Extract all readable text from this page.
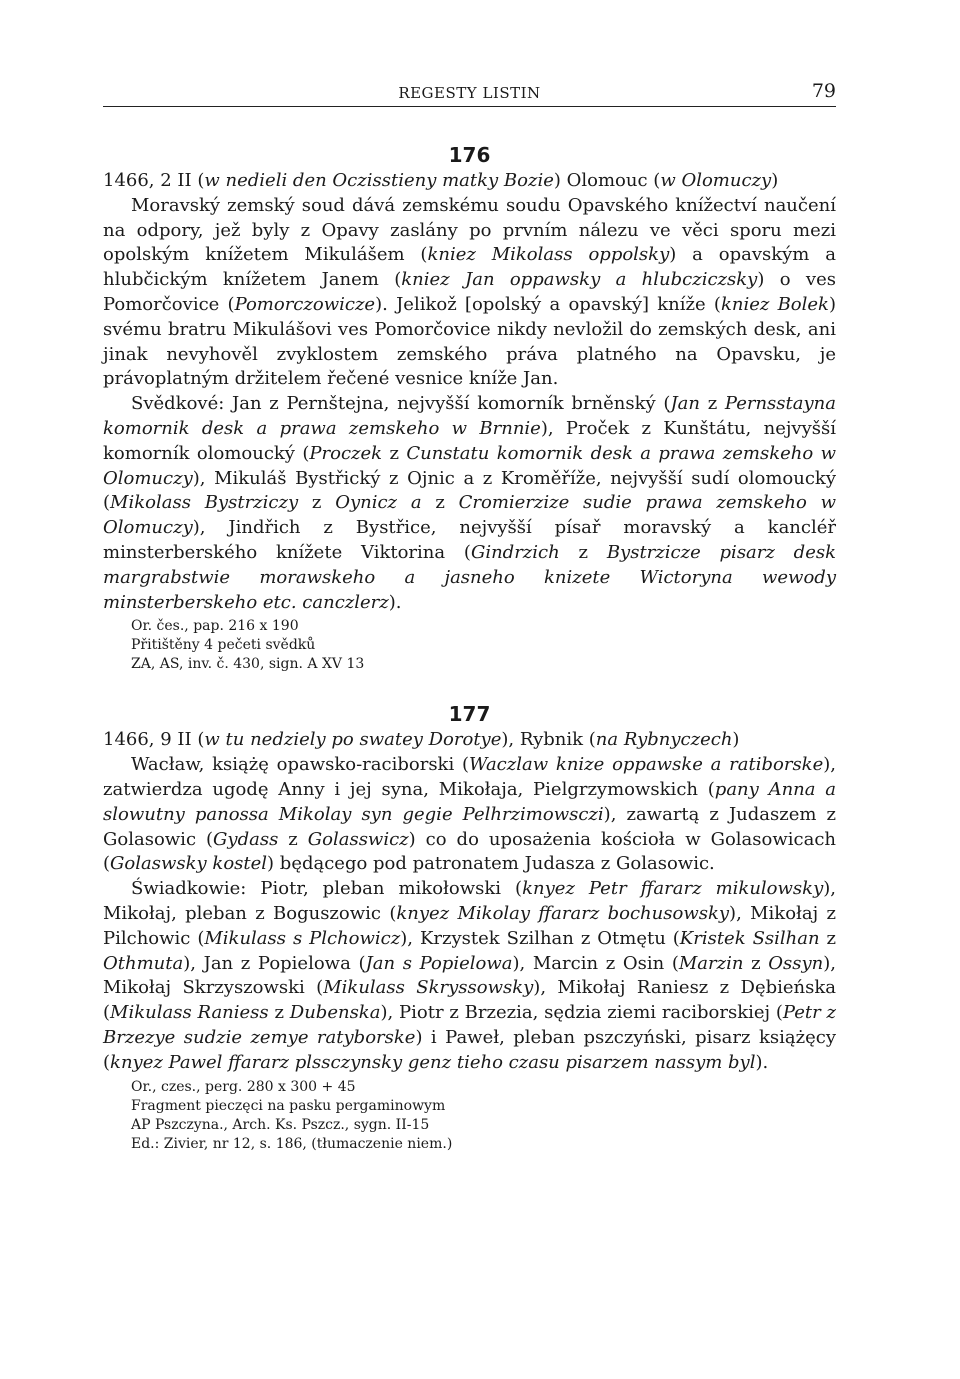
REGESTY LISTIN	79
176

1466, 2 II (w nedieli den Oczisstieny matky Bozie) Olomouc (w Olomuczy)

Moravský zemský soud dává zemskému soudu Opavského knížectví naučení na odpory, jež byly z Opavy zaslány po prvním nálezu ve věci sporu mezi opolským knížetem Mikulášem (kniez Mikolass oppolsky) a opavským a hlubčickým knížetem Janem (kniez Jan oppawsky a hlubcziczsky) o ves Pomorčovice (Pomorczowicze). Jelikož [opolský a opavský] kníže (kniez Bolek) svému bratru Mikulášovi ves Pomorčovice nikdy nevložil do zemských desk, ani jinak nevyhověl zvyklostem zemského práva platného na Opavsku, je právoplatným držitelem řečené vesnice kníže Jan.

Svědkové: Jan z Pernštejna, nejvyšší komorník brněnský (Jan z Pernsstayna komornik desk a prawa zemskeho w Brnnie), Proček z Kunštátu, nejvyšší komorník olomoucký (Proczek z Cunstatu komornik desk a prawa zemskeho w Olomuczy), Mikuláš Bystřický z Ojnic a z Kroměříže, nejvyšší sudí olomoucký (Mikolass Bystrziczy z Oynicz a z Cromierzize sudie prawa zemskeho w Olomuczy), Jindřich z Bystřice, nejvyšší písař moravský a kancléř minsterberského knížete Viktorina (Gindrzich z Bystrzicze pisarz desk margrabstwie morawskeho a jasneho knizete Wictoryna wewody minsterberskeho etc. canczlerz).

Or. čes., pap. 216 x 190
Přitištěny 4 pečeti svědků
ZA, AS, inv. č. 430, sign. A XV 13
177

1466, 9 II (w tu nedziely po swatey Dorotye), Rybnik (na Rybnyczech)

Wacław, książę opawsko-raciborski (Waczlaw knize oppawske a ratiborske), zatwierdza ugodę Anny i jej syna, Mikołaja, Pielgrzymowskich (pany Anna a slowutny panossa Mikolay syn gegie Pelhrzimowsczi), zawartą z Judaszem z Golasowic (Gydass z Golasswicz) co do uposażenia kościoła w Golasowicach (Golaswsky kostel) będącego pod patronatem Judasza z Golasowic.

Świadkowie: Piotr, pleban mikołowski (knyez Petr ffararz mikulowsky), Mikołaj, pleban z Boguszowic (knyez Mikolay ffararz bochusowsky), Mikołaj z Pilchowic (Mikulass s Plchowicz), Krzystek Szilhan z Otmętu (Kristek Ssilhan z Othmuta), Jan z Popielowa (Jan s Popielowa), Marcin z Osin (Marzin z Ossyn), Mikołaj Skrzyszowski (Mikulass Skryssowsky), Mikołaj Raniesz z Dębieńska (Mikulass Raniess z Dubenska), Piotr z Brzezia, sędzia ziemi raciborskiej (Petr z Brzezye sudzie zemye ratyborske) i Paweł, pleban pszczyński, pisarz książęcy (knyez Pawel ffararz plssczynsky genz tieho czasu pisarzem nassym byl).

Or., czes., perg. 280 x 300 + 45
Fragment pieczęci na pasku pergaminowym
AP Pszczyna., Arch. Ks. Pszcz., sygn. II-15
Ed.: Zivier, nr 12, s. 186, (tłumaczenie niem.)
